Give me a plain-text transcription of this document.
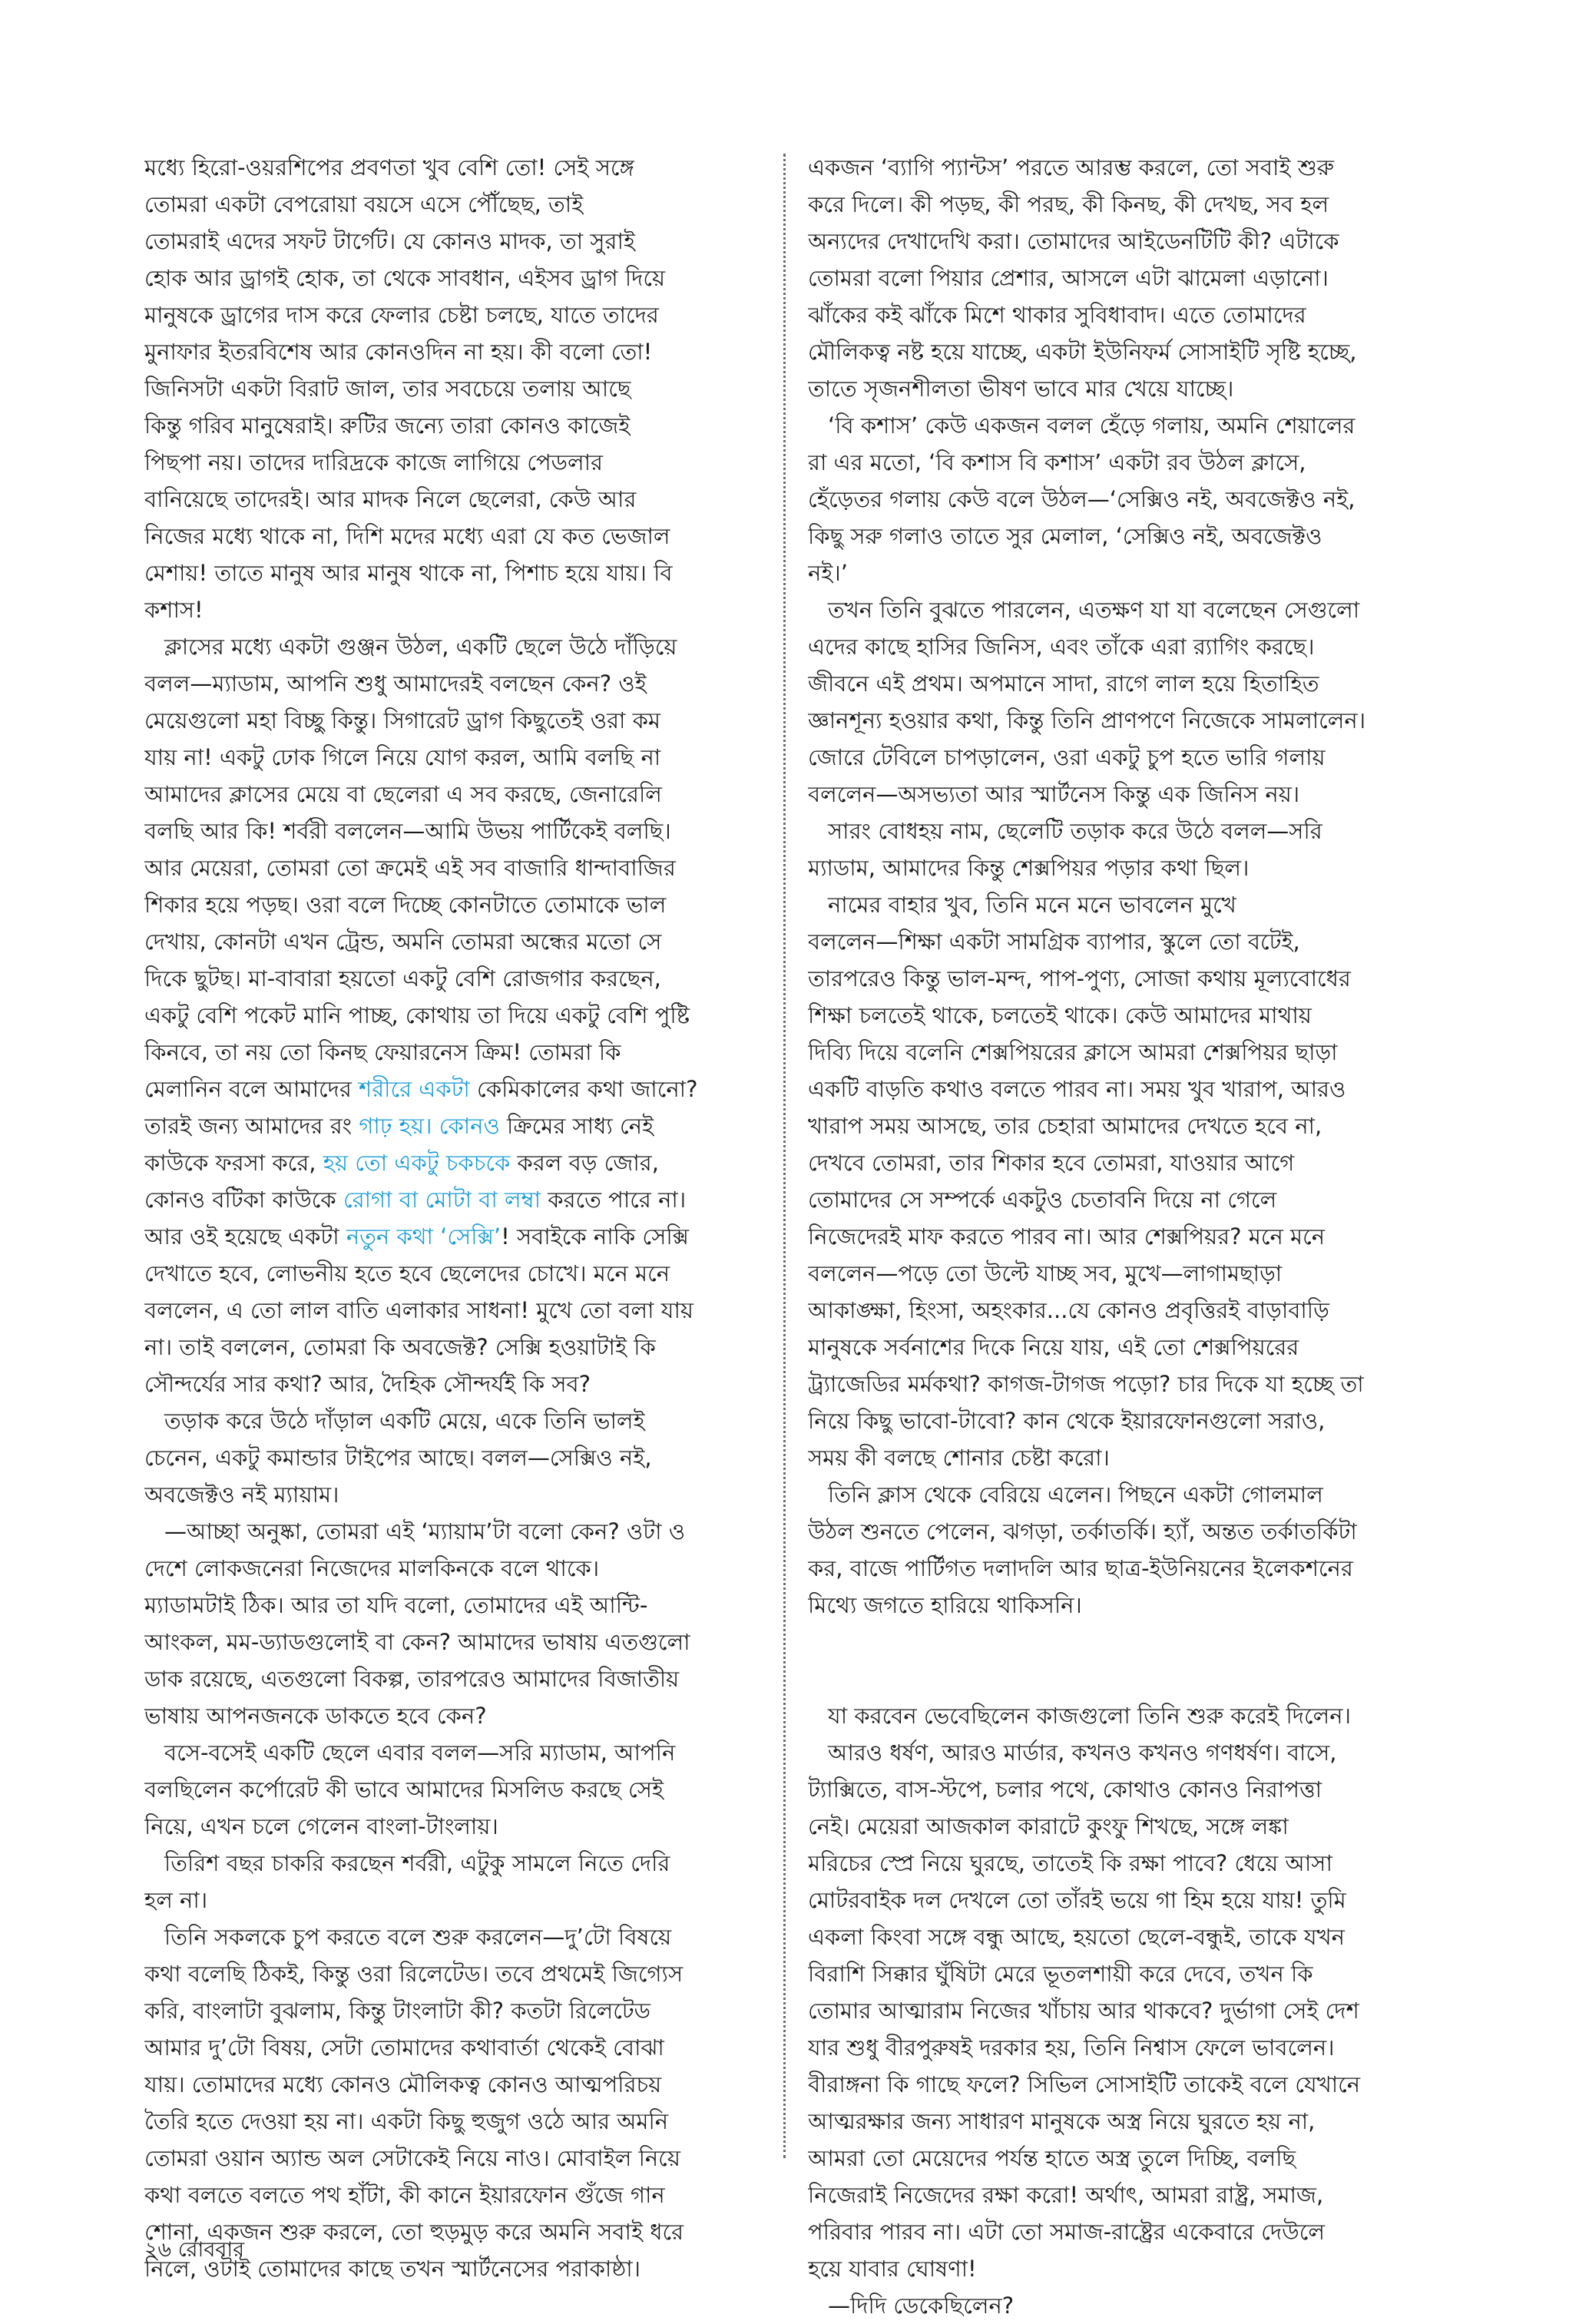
মধ্যে হিরো-ওয়রশিপের প্রবণতা খুব বেশি তো! সেই সঙ্গে
তোমরা একটা বেপরোয়া বয়সে এসে পৌঁছেছ, তাই
তোমরাই এদের সফট টার্গেট। যে কোনও মাদক, তা সুরাই
হোক আর ড্রাগই হোক, তা থেকে সাবধান, এইসব ড্রাগ দিয়ে
মানুষকে ড্রাগের দাস করে ফেলার চেষ্টা চলছে, যাতে তাদের
মুনাফার ইতরবিশেষ আর কোনওদিন না হয়। কী বলো তো!
জিনিসটা একটা বিরাট জাল, তার সবচেয়ে তলায় আছে
কিন্তু গরিব মানুষেরাই। রুটির জন্যে তারা কোনও কাজেই
পিছপা নয়। তাদের দারিদ্রকে কাজে লাগিয়ে পেডলার
বানিয়েছে তাদেরই। আর মাদক নিলে ছেলেরা, কেউ আর
নিজের মধ্যে থাকে না, দিশি মদের মধ্যে এরা যে কত ভেজাল
মেশায়! তাতে মানুষ আর মানুষ থাকে না, পিশাচ হয়ে যায়। বি
কশাস!
ক্লাসের মধ্যে একটা গুঞ্জন উঠল, একটি ছেলে উঠে দাঁড়িয়ে
বলল—ম্যাডাম, আপনি শুধু আমাদেরই বলছেন কেন? ওই
মেয়েগুলো মহা বিচ্ছু কিন্তু। সিগারেট ড্রাগ কিছুতেই ওরা কম
যায় না! একটু ঢোক গিলে নিয়ে যোগ করল, আমি বলছি না
আমাদের ক্লাসের মেয়ে বা ছেলেরা এ সব করছে, জেনারেলি
বলছি আর কি! শর্বরী বললেন—আমি উভয় পার্টিকেই বলছি।
আর মেয়েরা, তোমরা তো ক্রমেই এই সব বাজারি ধান্দাবাজির
শিকার হয়ে পড়ছ। ওরা বলে দিচ্ছে কোনটাতে তোমাকে ভাল
দেখায়, কোনটা এখন ট্রেন্ড, অমনি তোমরা অন্ধের মতো সে
দিকে ছুটছ। মা-বাবারা হয়তো একটু বেশি রোজগার করছেন,
একটু বেশি পকেট মানি পাচ্ছ, কোথায় তা দিয়ে একটু বেশি পুষ্টি
কিনবে, তা নয় তো কিনছ ফেয়ারনেস ক্রিম! তোমরা কি
মেলানিন বলে আমাদের শরীরে একটা কেমিকালের কথা জানো?
তারই জন্য আমাদের রং গাঢ় হয়। কোনও ক্রিমের সাধ্য নেই
কাউকে ফরসা করে, হয় তো একটু চকচকে করল বড় জোর,
কোনও বটিকা কাউকে রোগা বা মোটা বা লম্বা করতে পারে না।
আর ওই হয়েছে একটা নতুন কথা ‘সেক্সি’! সবাইকে নাকি সেক্সি
দেখাতে হবে, লোভনীয় হতে হবে ছেলেদের চোখে। মনে মনে
বললেন, এ তো লাল বাতি এলাকার সাধনা! মুখে তো বলা যায়
না। তাই বললেন, তোমরা কি অবজেক্ট? সেক্সি হওয়াটাই কি
সৌন্দর্যের সার কথা? আর, দৈহিক সৌন্দর্যই কি সব?
তড়াক করে উঠে দাঁড়াল একটি মেয়ে, একে তিনি ভালই
চেনেন, একটু কমান্ডার টাইপের আছে। বলল—সেক্সিও নই,
অবজেক্টও নই ম্যায়াম।
—আচ্ছা অনুষ্কা, তোমরা এই ‘ম্যায়াম’টা বলো কেন? ওটা ও
দেশে লোকজনেরা নিজেদের মালকিনকে বলে থাকে।
ম্যাডামটাই ঠিক। আর তা যদি বলো, তোমাদের এই আন্টি-
আংকল, মম-ড্যাডগুলোই বা কেন? আমাদের ভাষায় এতগুলো
ডাক রয়েছে, এতগুলো বিকল্প, তারপরেও আমাদের বিজাতীয়
ভাষায় আপনজনকে ডাকতে হবে কেন?
বসে-বসেই একটি ছেলে এবার বলল—সরি ম্যাডাম, আপনি
বলছিলেন কর্পোরেট কী ভাবে আমাদের মিসলিড করছে সেই
নিয়ে, এখন চলে গেলেন বাংলা-টাংলায়।
তিরিশ বছর চাকরি করছেন শর্বরী, এটুকু সামলে নিতে দেরি
হল না।
তিনি সকলকে চুপ করতে বলে শুরু করলেন—দু’টো বিষয়ে
কথা বলেছি ঠিকই, কিন্তু ওরা রিলেটেড। তবে প্রথমেই জিগ্যেস
করি, বাংলাটা বুঝলাম, কিন্তু টাংলাটা কী? কতটা রিলেটেড
আমার দু’টো বিষয়, সেটা তোমাদের কথাবার্তা থেকেই বোঝা
যায়। তোমাদের মধ্যে কোনও মৌলিকত্ব কোনও আত্মপরিচয়
তৈরি হতে দেওয়া হয় না। একটা কিছু হুজুগ ওঠে আর অমনি
তোমরা ওয়ান অ্যান্ড অল সেটাকেই নিয়ে নাও। মোবাইল নিয়ে
কথা বলতে বলতে পথ হাঁটা, কী কানে ইয়ারফোন গুঁজে গান
শোনা, একজন শুরু করলে, তো হুড়মুড় করে অমনি সবাই ধরে
নিলে, ওটাই তোমাদের কাছে তখন স্মার্টনেসের পরাকাষ্ঠা।
একজন ‘ব্যাগি প্যান্টস’ পরতে আরম্ভ করলে, তো সবাই শুরু
করে দিলে। কী পড়ছ, কী পরছ, কী কিনছ, কী দেখছ, সব হল
অন্যদের দেখাদেখি করা। তোমাদের আইডেনটিটি কী? এটাকে
তোমরা বলো পিয়ার প্রেশার, আসলে এটা ঝামেলা এড়ানো।
ঝাঁকের কই ঝাঁকে মিশে থাকার সুবিধাবাদ। এতে তোমাদের
মৌলিকত্ব নষ্ট হয়ে যাচ্ছে, একটা ইউনিফর্ম সোসাইটি সৃষ্টি হচ্ছে,
তাতে সৃজনশীলতা ভীষণ ভাবে মার খেয়ে যাচ্ছে।
‘বি কশাস’ কেউ একজন বলল হেঁড়ে গলায়, অমনি শেয়ালের
রা এর মতো, ‘বি কশাস বি কশাস’ একটা রব উঠল ক্লাসে,
হেঁড়েতর গলায় কেউ বলে উঠল—‘সেক্সিও নই, অবজেক্টও নই,
কিছু সরু গলাও তাতে সুর মেলাল, ‘সেক্সিও নই, অবজেক্টও
নই।’
তখন তিনি বুঝতে পারলেন, এতক্ষণ যা যা বলেছেন সেগুলো
এদের কাছে হাসির জিনিস, এবং তাঁকে এরা র‍্যাগিং করছে।
জীবনে এই প্রথম। অপমানে সাদা, রাগে লাল হয়ে হিতাহিত
জ্ঞানশূন্য হওয়ার কথা, কিন্তু তিনি প্রাণপণে নিজেকে সামলালেন।
জোরে টেবিলে চাপড়ালেন, ওরা একটু চুপ হতে ভারি গলায়
বললেন—অসভ্যতা আর স্মার্টনেস কিন্তু এক জিনিস নয়।
সারং বোধহয় নাম, ছেলেটি তড়াক করে উঠে বলল—সরি
ম্যাডাম, আমাদের কিন্তু শেক্সপিয়র পড়ার কথা ছিল।
নামের বাহার খুব, তিনি মনে মনে ভাবলেন মুখে
বললেন—শিক্ষা একটা সামগ্রিক ব্যাপার, স্কুলে তো বটেই,
তারপরেও কিন্তু ভাল-মন্দ, পাপ-পুণ্য, সোজা কথায় মূল্যবোধের
শিক্ষা চলতেই থাকে, চলতেই থাকে। কেউ আমাদের মাথায়
দিব্যি দিয়ে বলেনি শেক্সপিয়রের ক্লাসে আমরা শেক্সপিয়র ছাড়া
একটি বাড়তি কথাও বলতে পারব না। সময় খুব খারাপ, আরও
খারাপ সময় আসছে, তার চেহারা আমাদের দেখতে হবে না,
দেখবে তোমরা, তার শিকার হবে তোমরা, যাওয়ার আগে
তোমাদের সে সম্পর্কে একটুও চেতাবনি দিয়ে না গেলে
নিজেদেরই মাফ করতে পারব না। আর শেক্সপিয়র? মনে মনে
বললেন—পড়ে তো উল্টে যাচ্ছ সব, মুখে—লাগামছাড়া
আকাঙ্ক্ষা, হিংসা, অহংকার...যে কোনও প্রবৃত্তিরই বাড়াবাড়ি
মানুষকে সর্বনাশের দিকে নিয়ে যায়, এই তো শেক্সপিয়রের
ট্র্যাজেডির মর্মকথা? কাগজ-টাগজ পড়ো? চার দিকে যা হচ্ছে তা
নিয়ে কিছু ভাবো-টাবো? কান থেকে ইয়ারফোনগুলো সরাও,
সময় কী বলছে শোনার চেষ্টা করো।
তিনি ক্লাস থেকে বেরিয়ে এলেন। পিছনে একটা গোলমাল
উঠল শুনতে পেলেন, ঝগড়া, তর্কাতর্কি। হ্যাঁ, অন্তত তর্কাতর্কিটা
কর, বাজে পার্টিগত দলাদলি আর ছাত্র-ইউনিয়নের ইলেকশনের
মিথ্যে জগতে হারিয়ে থাকিসনি।
যা করবেন ভেবেছিলেন কাজগুলো তিনি শুরু করেই দিলেন।
আরও ধর্ষণ, আরও মার্ডার, কখনও কখনও গণধর্ষণ। বাসে,
ট্যাক্সিতে, বাস-স্টপে, চলার পথে, কোথাও কোনও নিরাপত্তা
নেই। মেয়েরা আজকাল কারাটে কুংফু শিখছে, সঙ্গে লঙ্কা
মরিচের স্প্রে নিয়ে ঘুরছে, তাতেই কি রক্ষা পাবে? ধেয়ে আসা
মোটরবাইক দল দেখলে তো তাঁরই ভয়ে গা হিম হয়ে যায়! তুমি
একলা কিংবা সঙ্গে বন্ধু আছে, হয়তো ছেলে-বন্ধুই, তাকে যখন
বিরাশি সিক্কার ঘুঁষিটা মেরে ভূতলশায়ী করে দেবে, তখন কি
তোমার আত্মারাম নিজের খাঁচায় আর থাকবে? দুর্ভাগা সেই দেশ
যার শুধু বীরপুরুষই দরকার হয়, তিনি নিশ্বাস ফেলে ভাবলেন।
বীরাঙ্গনা কি গাছে ফলে? সিভিল সোসাইটি তাকেই বলে যেখানে
আত্মরক্ষার জন্য সাধারণ মানুষকে অস্ত্র নিয়ে ঘুরতে হয় না,
আমরা তো মেয়েদের পর্যন্ত হাতে অস্ত্র তুলে দিচ্ছি, বলছি
নিজেরাই নিজেদের রক্ষা করো! অর্থাৎ, আমরা রাষ্ট্র, সমাজ,
পরিবার পারব না। এটা তো সমাজ-রাষ্ট্রের একেবারে দেউলে
হয়ে যাবার ঘোষণা!
—দিদি ডেকেছিলেন?
২৬ রোববার
